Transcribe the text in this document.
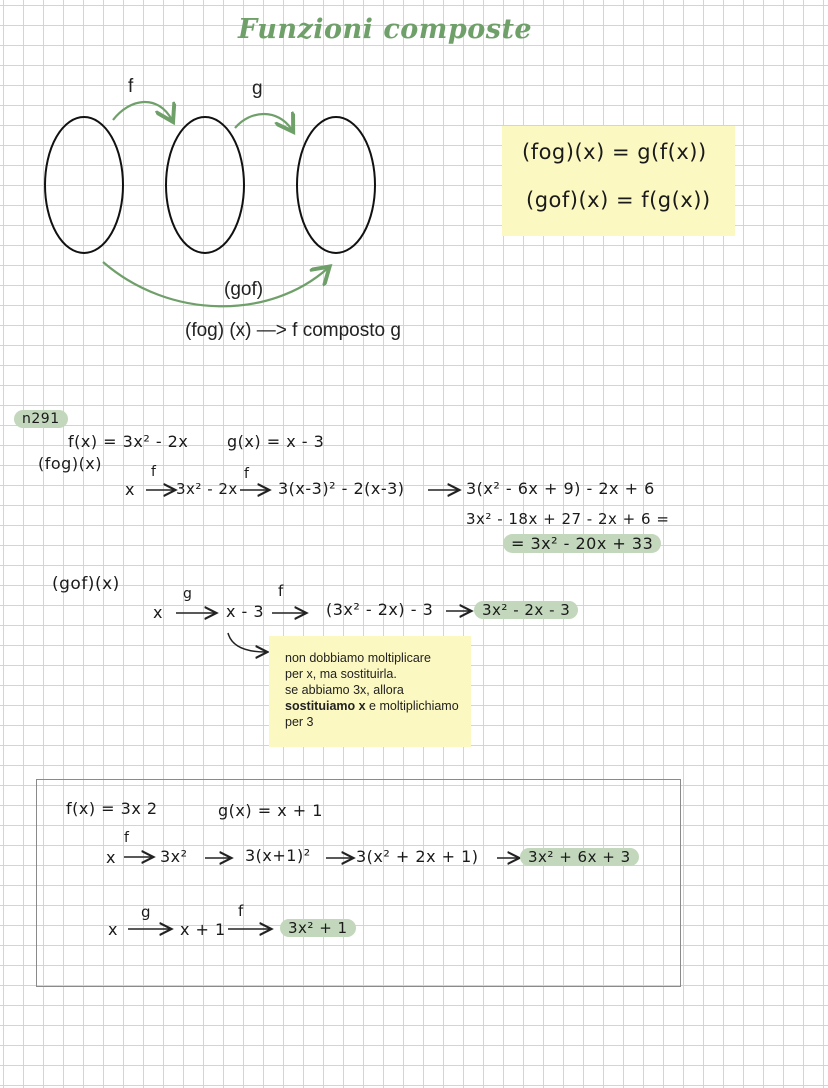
Funzioni composte
f	g
(gof)
(fog) (x) —> f composto g
(fog)(x) = g(f(x))
(gof)(x) = f(g(x))
n291
f(x) = 3x² - 2x g(x) = x - 3
(fog)(x)
x
f
3x² - 2x
f
3(x-3)² - 2(x-3)	3(x² - 6x + 9) - 2x + 6
3x² - 18x + 27 - 2x + 6 =
= 3x² - 20x + 33
(gof)(x)
x
g
x - 3
f
(3x² - 2x) - 3	3x² - 2x - 3
non dobbiamo moltiplicare
per x, ma sostituirla.
se abbiamo 3x, allora
sostituiamo x e moltiplichiamo
per 3
f(x) = 3x 2	g(x) = x + 1
x
f
3x²	3(x+1)²	3(x² + 2x + 1)	3x² + 6x + 3
x
g
x + 1
f
3x² + 1
